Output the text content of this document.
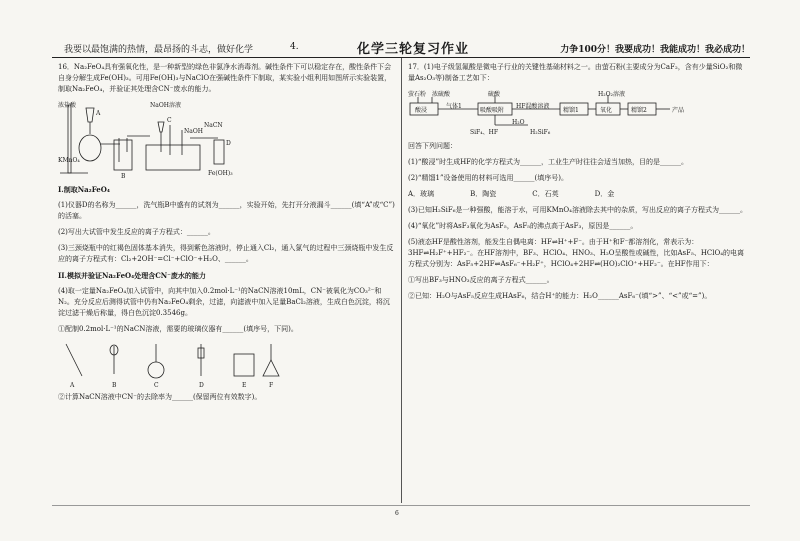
我要以最饱满的热情，最昂扬的斗志，做好化学	4.	化学三轮复习作业	力争100分！我要成功！我能成功！我必成功！

16．Na₂FeO₄具有强氧化性，是一种新型的绿色非氯净水消毒剂。碱性条件下可以稳定存在，酸性条件下会自身分解生成Fe(OH)₃。可用Fe(OH)₃与NaClO在强碱性条件下制取，某实验小组利用如图所示实验装置，制取Na₂FeO₄，并验证其处理含CN⁻废水的能力。

浓盐酸
A
B
C
D
KMnO₄
NaOH溶液
Fe(OH)₃
NaOH
NaCN

I.制取Na₂FeO₄

(1)仪器D的名称为______，洗气瓶B中盛有的试剂为______，实验开始，先打开分液漏斗______(填“A”或“C”)的活塞。

(2)写出大试管中发生反应的离子方程式：______。

(3)三颈烧瓶中的红褐色固体基本消失，得到紫色溶液时，停止通入Cl₂，通入氯气的过程中三颈烧瓶中发生反应的离子方程式有：Cl₂+2OH⁻=Cl⁻+ClO⁻+H₂O、______。

II.模拟并验证Na₂FeO₄处理含CN⁻废水的能力

(4)取一定量Na₂FeO₄加入试管中，向其中加入0.2mol·L⁻¹的NaCN溶液10mL，CN⁻被氧化为CO₃²⁻和N₂。充分反应后测得试管中仍有Na₂FeO₄剩余，过滤，向滤液中加入足量BaCl₂溶液，生成白色沉淀，将沉淀过滤干燥后称量，得白色沉淀0.3546g。

①配制0.2mol·L⁻¹的NaCN溶液，需要的玻璃仪器有______(填序号，下同)。

A	B	C	D	E	F

②计算NaCN溶液中CN⁻的去除率为______(保留两位有效数字)。

17．(1)电子级氢氟酸是微电子行业的关键性基础材料之一。由萤石粉(主要成分为CaF₂，含有少量SiO₂和微量As₂O₃等)制备工艺如下：

萤石粉 浓硫酸	硫酸	H₂O₂溶液
酸浸
气体1
吸酸吸附
HF混酸溶液
精馏1	氧化	精馏2	产品
SiF₄、HF
H₂O
H₂SiF₆

回答下列问题：

(1)“酸浸”时生成HF的化学方程式为______，工业生产时往往会适当加热，目的是______。

(2)“精馏1”设备使用的材料可选用______(填序号)。

A．玻璃	B．陶瓷	C．石英	D．金

(3)已知H₂SiF₆是一种强酸，能溶于水，可用KMnO₄溶液除去其中的杂质，写出反应的离子方程式为______。

(4)“氧化”时将AsF₃氧化为AsF₅，AsF₅的沸点高于AsF₃，原因是______。

(5)液态HF是酸性溶剂，能发生自偶电离：HF⇌H⁺+F⁻。由于H⁺和F⁻都溶剂化，常表示为：3HF⇌H₂F⁺+HF₂⁻。在HF溶剂中，BF₃、HClO₄、HNO₃、H₂O呈酸性或碱性，比如AsF₅、HClO₄的电离方程式分别为：AsF₅+2HF⇌AsF₆⁻+H₂F⁺，HClO₄+2HF⇌(HO)₂ClO⁺+HF₂⁻。在HF作用下：

①写出BF₃与HNO₃反应的离子方程式______。

②已知：H₂O与AsF₅反应生成HAsF₆，结合H⁺的能力：H₂O______AsF₆⁻(填“>”、“<”或“=”)。

6
